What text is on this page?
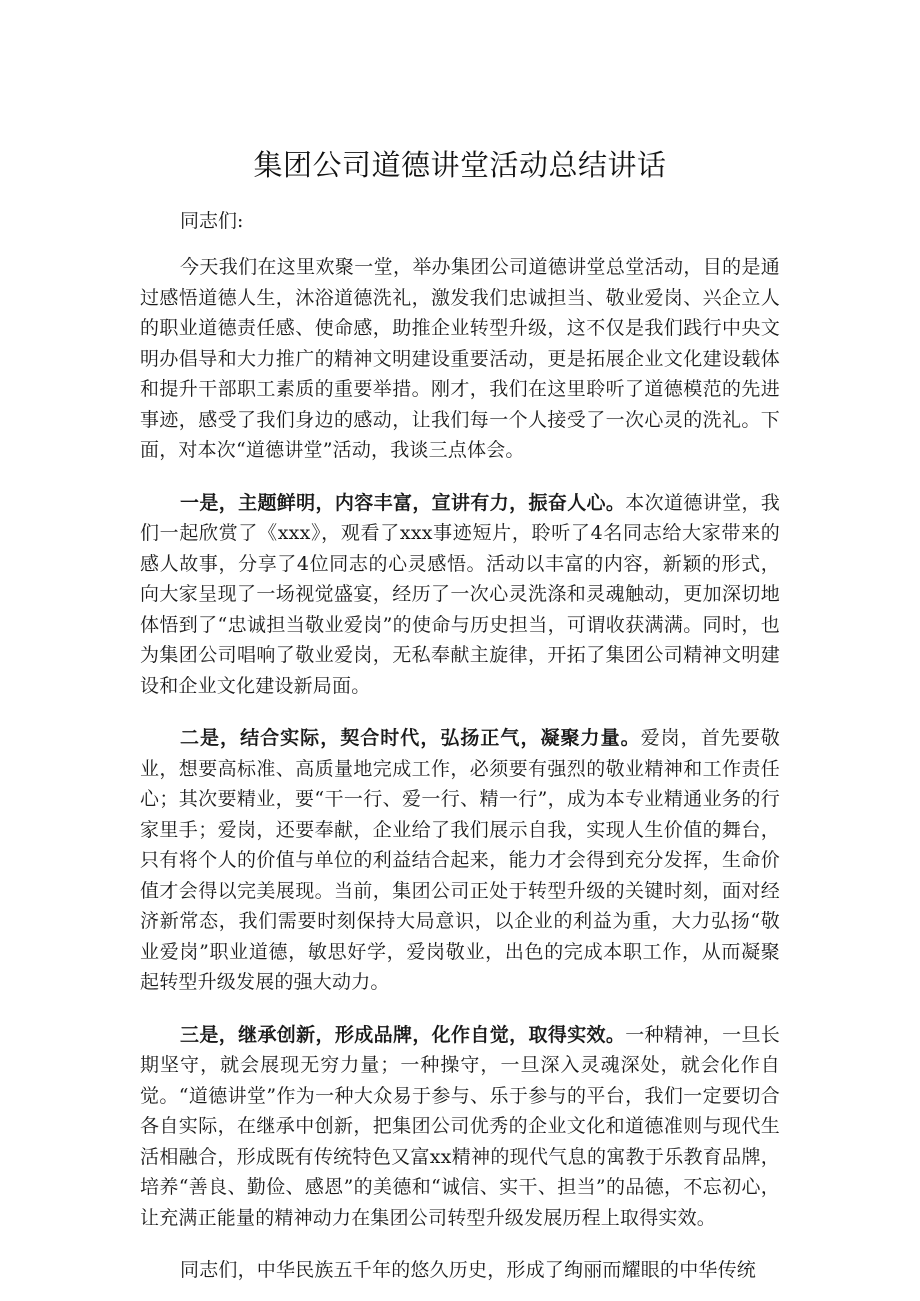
集团公司道德讲堂活动总结讲话

同志们:

今天我们在这里欢聚一堂，举办集团公司道德讲堂总堂活动，目的是通过感悟道德人生，沐浴道德洗礼，激发我们忠诚担当、敬业爱岗、兴企立人的职业道德责任感、使命感，助推企业转型升级，这不仅是我们践行中央文明办倡导和大力推广的精神文明建设重要活动，更是拓展企业文化建设载体和提升干部职工素质的重要举措。刚才，我们在这里聆听了道德模范的先进事迹，感受了我们身边的感动，让我们每一个人接受了一次心灵的洗礼。下面，对本次“道德讲堂”活动，我谈三点体会。

一是，主题鲜明，内容丰富，宣讲有力，振奋人心。本次道德讲堂，我们一起欣赏了《xxx》，观看了xxx事迹短片，聆听了4名同志给大家带来的感人故事，分享了4位同志的心灵感悟。活动以丰富的内容，新颖的形式，向大家呈现了一场视觉盛宴，经历了一次心灵洗涤和灵魂触动，更加深切地体悟到了“忠诚担当敬业爱岗”的使命与历史担当，可谓收获满满。同时，也为集团公司唱响了敬业爱岗，无私奉献主旋律，开拓了集团公司精神文明建设和企业文化建设新局面。

二是，结合实际，契合时代，弘扬正气，凝聚力量。爱岗，首先要敬业，想要高标准、高质量地完成工作，必须要有强烈的敬业精神和工作责任心；其次要精业，要“干一行、爱一行、精一行”，成为本专业精通业务的行家里手；爱岗，还要奉献，企业给了我们展示自我，实现人生价值的舞台，只有将个人的价值与单位的利益结合起来，能力才会得到充分发挥，生命价值才会得以完美展现。当前，集团公司正处于转型升级的关键时刻，面对经济新常态，我们需要时刻保持大局意识，以企业的利益为重，大力弘扬“敬业爱岗”职业道德，敏思好学，爱岗敬业，出色的完成本职工作，从而凝聚起转型升级发展的强大动力。

三是，继承创新，形成品牌，化作自觉，取得实效。一种精神，一旦长期坚守，就会展现无穷力量；一种操守，一旦深入灵魂深处，就会化作自觉。“道德讲堂”作为一种大众易于参与、乐于参与的平台，我们一定要切合各自实际，在继承中创新，把集团公司优秀的企业文化和道德准则与现代生活相融合，形成既有传统特色又富xx精神的现代气息的寓教于乐教育品牌，培养“善良、勤俭、感恩”的美德和“诚信、实干、担当”的品德，不忘初心，让充满正能量的精神动力在集团公司转型升级发展历程上取得实效。

同志们，中华民族五千年的悠久历史，形成了绚丽而耀眼的中华传统
